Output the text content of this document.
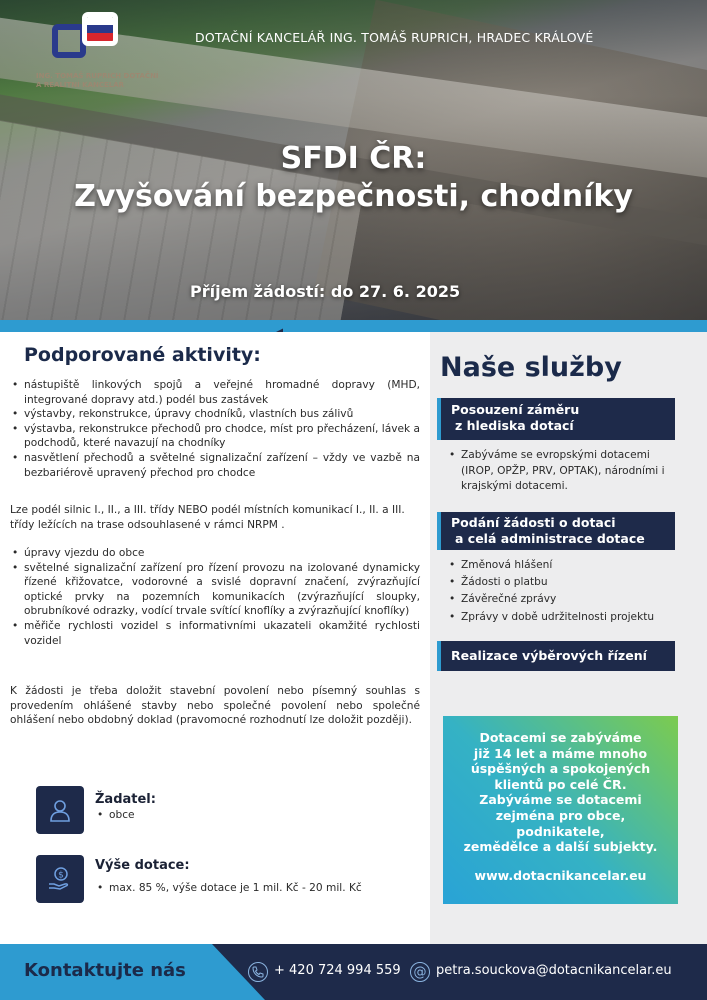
ING. TOMÁŠ RUPRICH DOTAČNÍ A REALITNÍ KANCELÁŘ
DOTAČNÍ KANCELÁŘ ING. TOMÁŠ RUPRICH, HRADEC KRÁLOVÉ
SFDI ČR:
Zvyšování bezpečnosti, chodníky
Příjem žádostí: do 27. 6. 2025
Podporované aktivity:
• nástupiště linkových spojů a veřejné hromadné dopravy (MHD, integrované dopravy atd.) podél bus zastávek
• výstavby, rekonstrukce, úpravy chodníků, vlastních bus zálivů
• výstavba, rekonstrukce přechodů pro chodce, míst pro přecházení, lávek a podchodů, které navazují na chodníky
• nasvětlení přechodů a světelné signalizační zařízení – vždy ve vazbě na bezbariérově upravený přechod pro chodce

Lze podél silnic I., II., a III. třídy NEBO podél místních komunikací I., II. a III. třídy ležících na trase odsouhlasené v rámci NRPM .

• úpravy vjezdu do obce
• světelné signalizační zařízení pro řízení provozu na izolované dynamicky řízené křižovatce, vodorovné a svislé dopravní značení, zvýrazňující optické prvky na pozemních komunikacích (zvýrazňující sloupky, obrubníkové odrazky, vodící trvale svítící knoflíky a zvýrazňující knoflíky)
• měřiče rychlosti vozidel s informativními ukazateli okamžité rychlosti vozidel

K žádosti je třeba doložit stavební povolení nebo písemný souhlas s provedením ohlášené stavby nebo společné povolení nebo společné ohlášení nebo obdobný doklad (pravomocné rozhodnutí lze doložit později).

Žadatel:
• obce
$
Výše dotace:
• max. 85 %, výše dotace je 1 mil. Kč - 20 mil. Kč
Naše služby
Posouzení záměru
z hlediska dotací
• Zabýváme se evropskými dotacemi (IROP, OPŽP, PRV, OPTAK), národními i krajskými dotacemi.
Podání žádosti o dotaci
a celá administrace dotace
• Změnová hlášení
• Žádosti o platbu
• Závěrečné zprávy
• Zprávy v době udržitelnosti projektu
Realizace výběrových řízení
Dotacemi se zabýváme
již 14 let a máme mnoho
úspěšných a spokojených
klientů po celé ČR.
Zabýváme se dotacemi
zejména pro obce,
podnikatele,
zemědělce a další subjekty.
www.dotacnikancelar.eu
Kontaktujte nás	+ 420 724 994 559 @ petra.souckova@dotacnikancelar.eu
